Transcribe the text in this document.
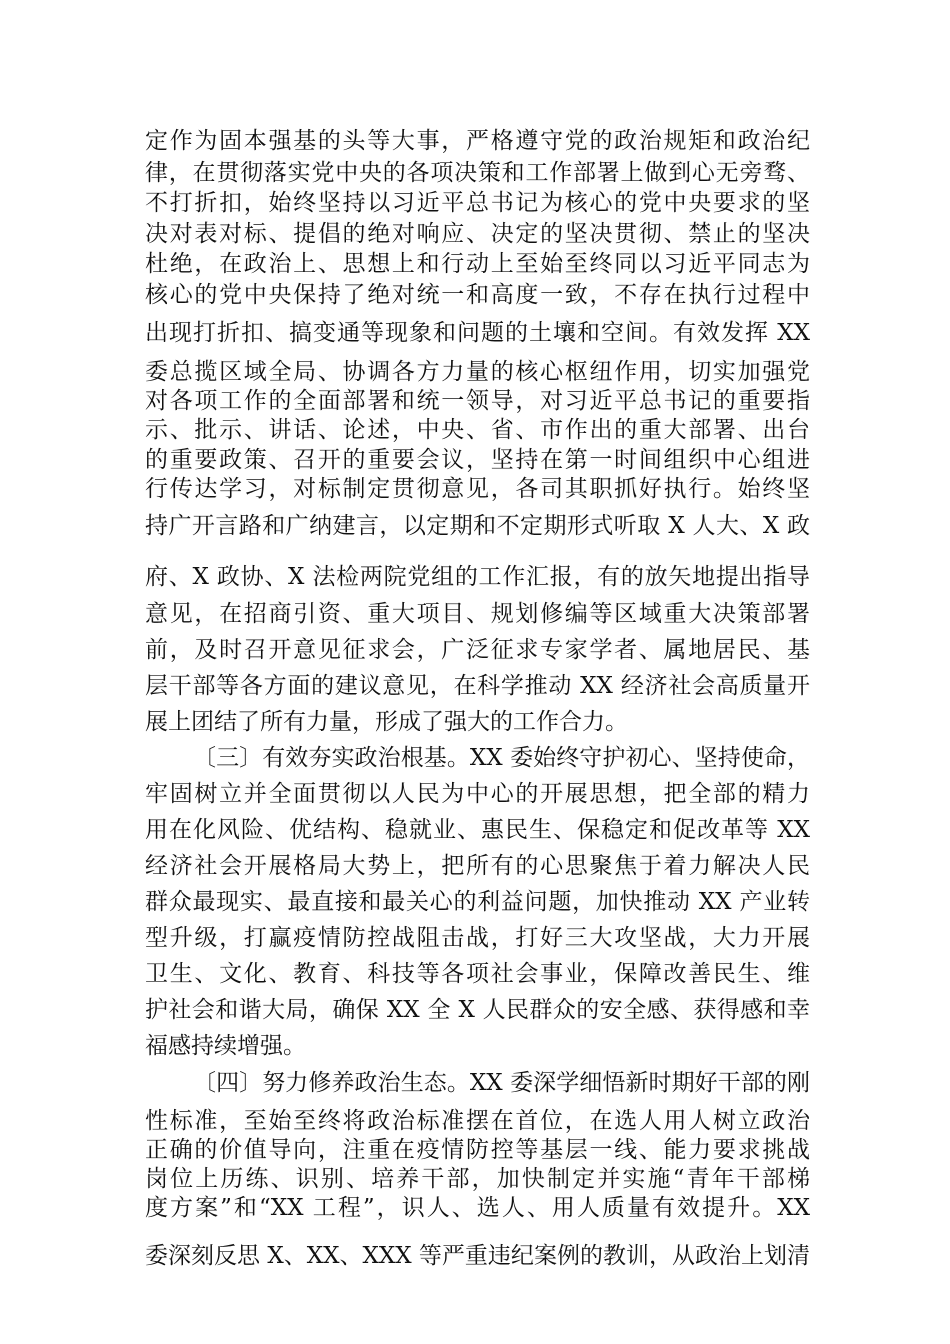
定作为固本强基的头等大事，严格遵守党的政治规矩和政治纪
律，在贯彻落实党中央的各项决策和工作部署上做到心无旁骛、
不打折扣，始终坚持以习近平总书记为核心的党中央要求的坚
决对表对标、提倡的绝对响应、决定的坚决贯彻、禁止的坚决
杜绝，在政治上、思想上和行动上至始至终同以习近平同志为
核心的党中央保持了绝对统一和高度一致，不存在执行过程中
出现打折扣、搞变通等现象和问题的土壤和空间。有效发挥 XX
委总揽区域全局、协调各方力量的核心枢纽作用，切实加强党
对各项工作的全面部署和统一领导，对习近平总书记的重要指
示、批示、讲话、论述，中央、省、市作出的重大部署、出台
的重要政策、召开的重要会议，坚持在第一时间组织中心组进
行传达学习，对标制定贯彻意见，各司其职抓好执行。始终坚
持广开言路和广纳建言，以定期和不定期形式听取 X 人大、X 政
府、X 政协、X 法检两院党组的工作汇报，有的放矢地提出指导
意见，在招商引资、重大项目、规划修编等区域重大决策部署
前，及时召开意见征求会，广泛征求专家学者、属地居民、基
层干部等各方面的建议意见，在科学推动 XX 经济社会高质量开
展上团结了所有力量，形成了强大的工作合力。
〔三〕有效夯实政治根基。XX 委始终守护初心、坚持使命，
牢固树立并全面贯彻以人民为中心的开展思想，把全部的精力
用在化风险、优结构、稳就业、惠民生、保稳定和促改革等 XX
经济社会开展格局大势上，把所有的心思聚焦于着力解决人民
群众最现实、最直接和最关心的利益问题，加快推动 XX 产业转
型升级，打赢疫情防控战阻击战，打好三大攻坚战，大力开展
卫生、文化、教育、科技等各项社会事业，保障改善民生、维
护社会和谐大局，确保 XX 全 X 人民群众的安全感、获得感和幸
福感持续增强。
〔四〕努力修养政治生态。XX 委深学细悟新时期好干部的刚
性标准，至始至终将政治标准摆在首位，在选人用人树立政治
正确的价值导向，注重在疫情防控等基层一线、能力要求挑战
岗位上历练、识别、培养干部，加快制定并实施“青年干部梯
度方案”和“XX 工程”，识人、选人、用人质量有效提升。XX
委深刻反思 X、XX、XXX 等严重违纪案例的教训，从政治上划清
